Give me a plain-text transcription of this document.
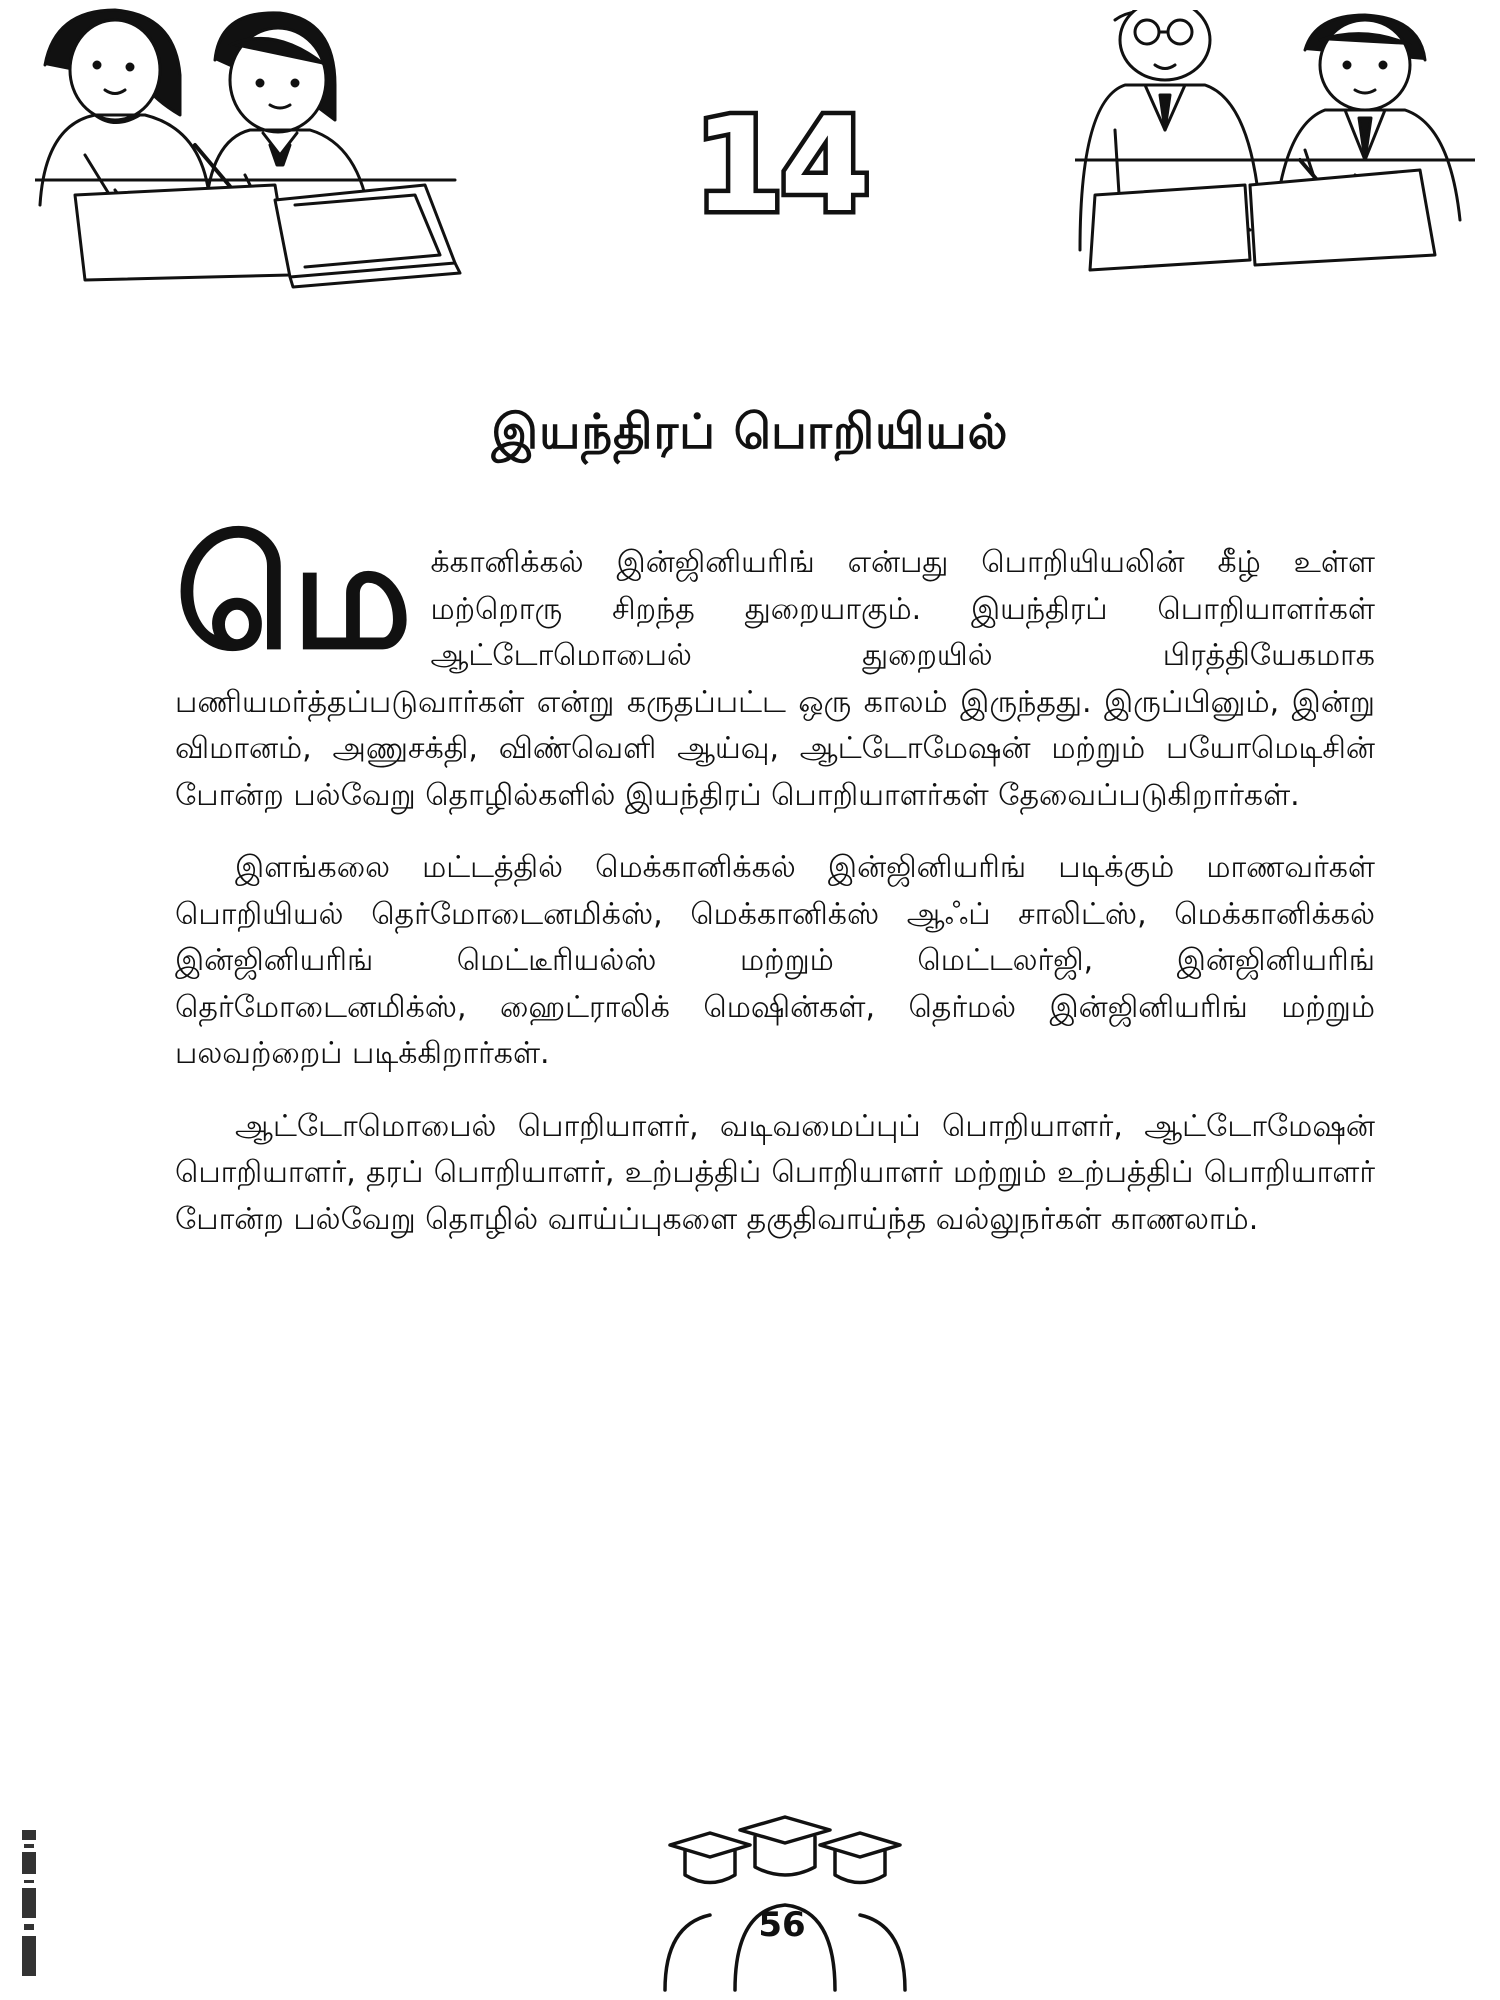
14
இயந்திரப் பொறியியல்

மெக்கானிக்கல் இன்ஜினியரிங் என்பது பொறியியலின் கீழ் உள்ள மற்றொரு சிறந்த துறையாகும். இயந்திரப் பொறியாளர்கள் ஆட்டோமொபைல் துறையில் பிரத்தியேகமாக பணியமர்த்தப்படுவார்கள் என்று கருதப்பட்ட ஒரு காலம் இருந்தது. இருப்பினும், இன்று விமானம், அணுசக்தி, விண்வெளி ஆய்வு, ஆட்டோமேஷன் மற்றும் பயோமெடிசின் போன்ற பல்வேறு தொழில்களில் இயந்திரப் பொறியாளர்கள் தேவைப்படுகிறார்கள்.

இளங்கலை மட்டத்தில் மெக்கானிக்கல் இன்ஜினியரிங் படிக்கும் மாணவர்கள் பொறியியல் தெர்மோடைனமிக்ஸ், மெக்கானிக்ஸ் ஆஃப் சாலிட்ஸ், மெக்கானிக்கல் இன்ஜினியரிங் மெட்டீரியல்ஸ் மற்றும் மெட்டலர்ஜி, இன்ஜினியரிங் தெர்மோடைனமிக்ஸ், ஹைட்ராலிக் மெஷின்கள், தெர்மல் இன்ஜினியரிங் மற்றும் பலவற்றைப் படிக்கிறார்கள்.

ஆட்டோமொபைல் பொறியாளர், வடிவமைப்புப் பொறியாளர், ஆட்டோமேஷன் பொறியாளர், தரப் பொறியாளர், உற்பத்திப் பொறியாளர் மற்றும் உற்பத்திப் பொறியாளர் போன்ற பல்வேறு தொழில் வாய்ப்புகளை தகுதிவாய்ந்த வல்லுநர்கள் காணலாம்.

56
